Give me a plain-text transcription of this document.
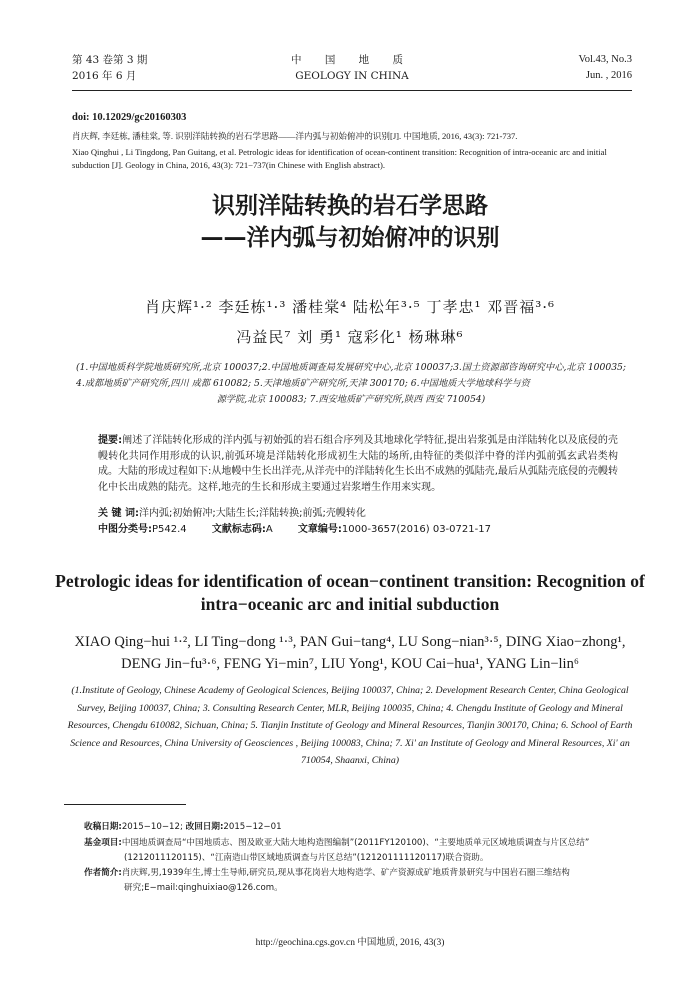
第 43 卷第 3 期
2016 年 6 月
中 国 地 质
GEOLOGY IN CHINA
Vol.43, No.3
Jun. , 2016
doi: 10.12029/gc20160303
肖庆辉, 李廷栋, 潘桂棠, 等. 识别洋陆转换的岩石学思路——洋内弧与初始俯冲的识别[J]. 中国地质, 2016, 43(3): 721-737.
Xiao Qinghui , Li Tingdong, Pan Guitang, et al. Petrologic ideas for identification of ocean-continent transition: Recognition of intra-oceanic arc and initial subduction [J]. Geology in China, 2016, 43(3): 721−737(in Chinese with English abstract).
识别洋陆转换的岩石学思路
——洋内弧与初始俯冲的识别
肖庆辉¹·² 李廷栋¹·³ 潘桂棠⁴ 陆松年³·⁵ 丁孝忠¹ 邓晋福³·⁶
冯益民⁷ 刘 勇¹ 寇彩化¹ 杨琳琳⁶
(1.中国地质科学院地质研究所,北京 100037;2.中国地质调查局发展研究中心,北京 100037;3.国土资源部咨询研究中心,北京 100035; 4.成都地质矿产研究所,四川 成都 610082; 5.天津地质矿产研究所,天津 300170; 6.中国地质大学地球科学与资
源学院,北京 100083; 7.西安地质矿产研究所,陕西 西安 710054)
提要:阐述了洋陆转化形成的洋内弧与初始弧的岩石组合序列及其地球化学特征,提出岩浆弧是由洋陆转化以及底侵的壳幔转化共同作用形成的认识,前弧环境是洋陆转化形成初生大陆的场所,由特征的类似洋中脊的洋内弧前弧玄武岩类构成。大陆的形成过程如下:从地幔中生长出洋壳,从洋壳中的洋陆转化生长出不成熟的弧陆壳,最后从弧陆壳底侵的壳幔转化中长出成熟的陆壳。这样,地壳的生长和形成主要通过岩浆增生作用来实现。
关 键 词:洋内弧;初始俯冲;大陆生长;洋陆转换;前弧;壳幔转化
中图分类号:P542.4	文献标志码:A	文章编号:1000-3657(2016) 03-0721-17
Petrologic ideas for identification of ocean−continent transition: Recognition of
intra−oceanic arc and initial subduction
XIAO Qing−hui ¹·², LI Ting−dong ¹·³, PAN Gui−tang⁴, LU Song−nian³·⁵, DING Xiao−zhong¹,
DENG Jin−fu³·⁶, FENG Yi−min⁷, LIU Yong¹, KOU Cai−hua¹, YANG Lin−lin⁶
(1.Institute of Geology, Chinese Academy of Geological Sciences, Beijing 100037, China; 2. Development Research Center, China Geological Survey, Beijing 100037, China; 3. Consulting Research Center, MLR, Beijing 100035, China; 4. Chengdu Institute of Geology and Mineral Resources, Chengdu 610082, Sichuan, China; 5. Tianjin Institute of Geology and Mineral Resources, Tianjin 300170, China; 6. School of Earth Science and Resources, China University of Geosciences , Beijing 100083, China; 7. Xi' an Institute of Geology and Mineral Resources, Xi' an 710054, Shaanxi, China)
收稿日期:2015−10−12; 改回日期:2015−12−01
基金项目:中国地质调查局“中国地质志、图及欧亚大陆大地构造图编制”(2011FY120100)、“主要地质单元区域地质调查与片区总结”
(1212011120115)、“江南造山带区域地质调查与片区总结”(121201111120117)联合资助。
作者简介:肖庆辉,男,1939年生,博士生导师,研究员,现从事花岗岩大地构造学、矿产资源成矿地质背景研究与中国岩石圈三维结构
研究;E−mail:qinghuixiao@126.com。
http://geochina.cgs.gov.cn 中国地质, 2016, 43(3)
